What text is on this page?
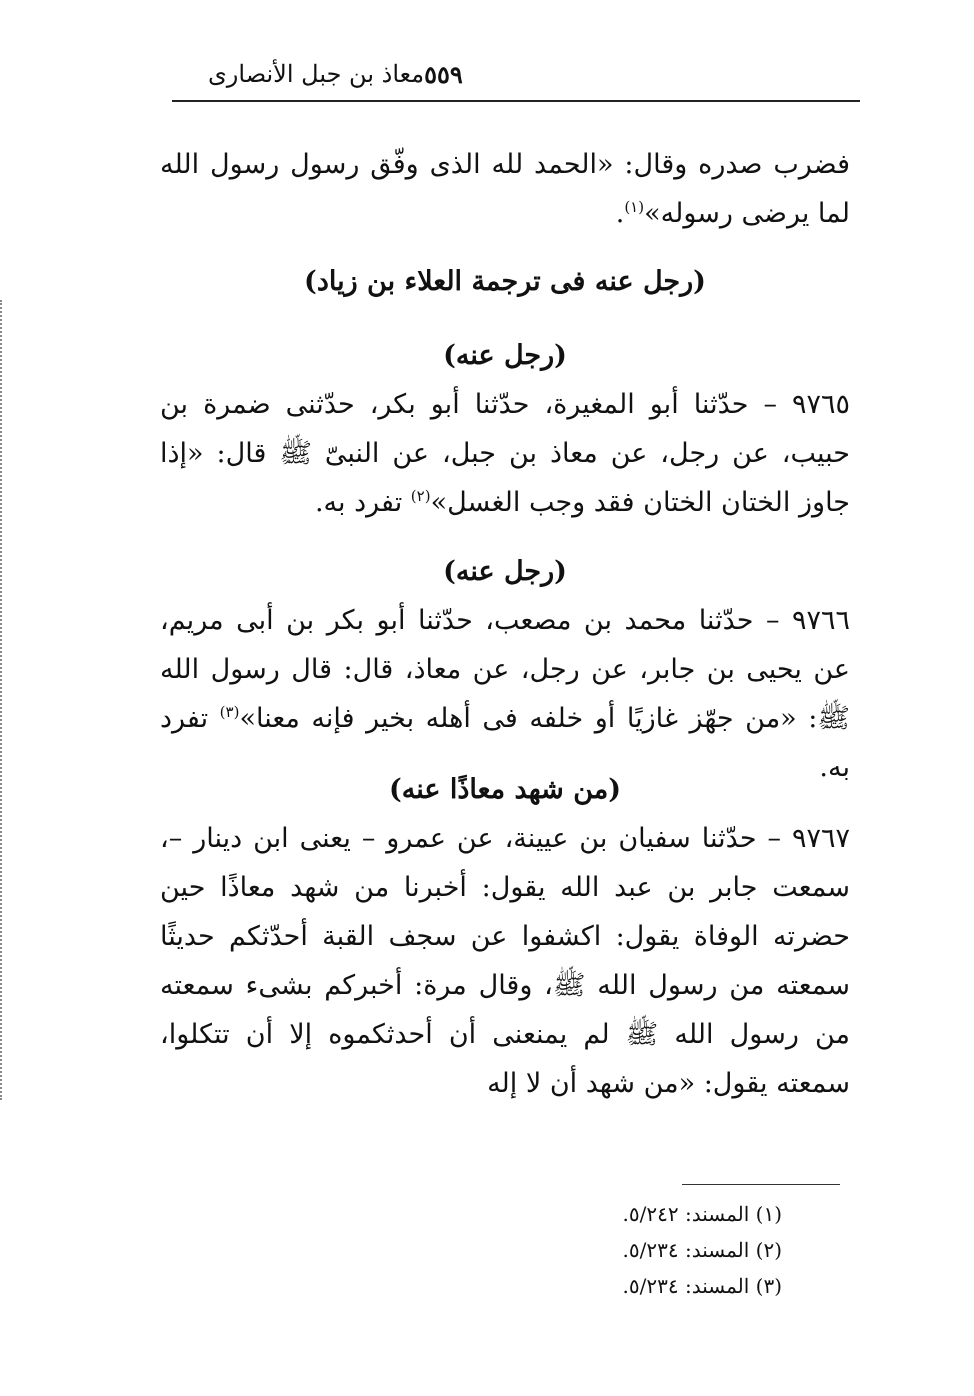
معاذ بن جبل الأنصارى ٥٥٩
فضرب صدره وقال: «الحمد لله الذى وفّق رسول رسول الله لما يرضى رسوله»$^{(١)}$.
(رجل عنه فى ترجمة العلاء بن زياد)
(رجل عنه)
٩٧٦٥ – حدّثنا أبو المغيرة، حدّثنا أبو بكر، حدّثنى ضمرة بن حبيب، عن رجل، عن معاذ بن جبل، عن النبىّ ﷺ قال: «إذا جاوز الختان الختان فقد وجب الغسل»$^{(٢)}$ تفرد به.
(رجل عنه)
٩٧٦٦ – حدّثنا محمد بن مصعب، حدّثنا أبو بكر بن أبى مريم، عن يحيى بن جابر، عن رجل، عن معاذ، قال: قال رسول الله ﷺ: «من جهّز غازيًا أو خلفه فى أهله بخير فإنه معنا»$^{(٣)}$ تفرد به.
(من شهد معاذًا عنه)
٩٧٦٧ – حدّثنا سفيان بن عيينة، عن عمرو – يعنى ابن دينار –، سمعت جابر بن عبد الله يقول: أخبرنا من شهد معاذًا حين حضرته الوفاة يقول: اكشفوا عن سجف القبة أحدّثكم حديثًا سمعته من رسول الله ﷺ، وقال مرة: أخبركم بشىء سمعته من رسول الله ﷺ لم يمنعنى أن أحدثكموه إلا أن تتكلوا، سمعته يقول: «من شهد أن لا إله
(١) المسند: ٥/٢٤٢.
(٢) المسند: ٥/٢٣٤.
(٣) المسند: ٥/٢٣٤.
